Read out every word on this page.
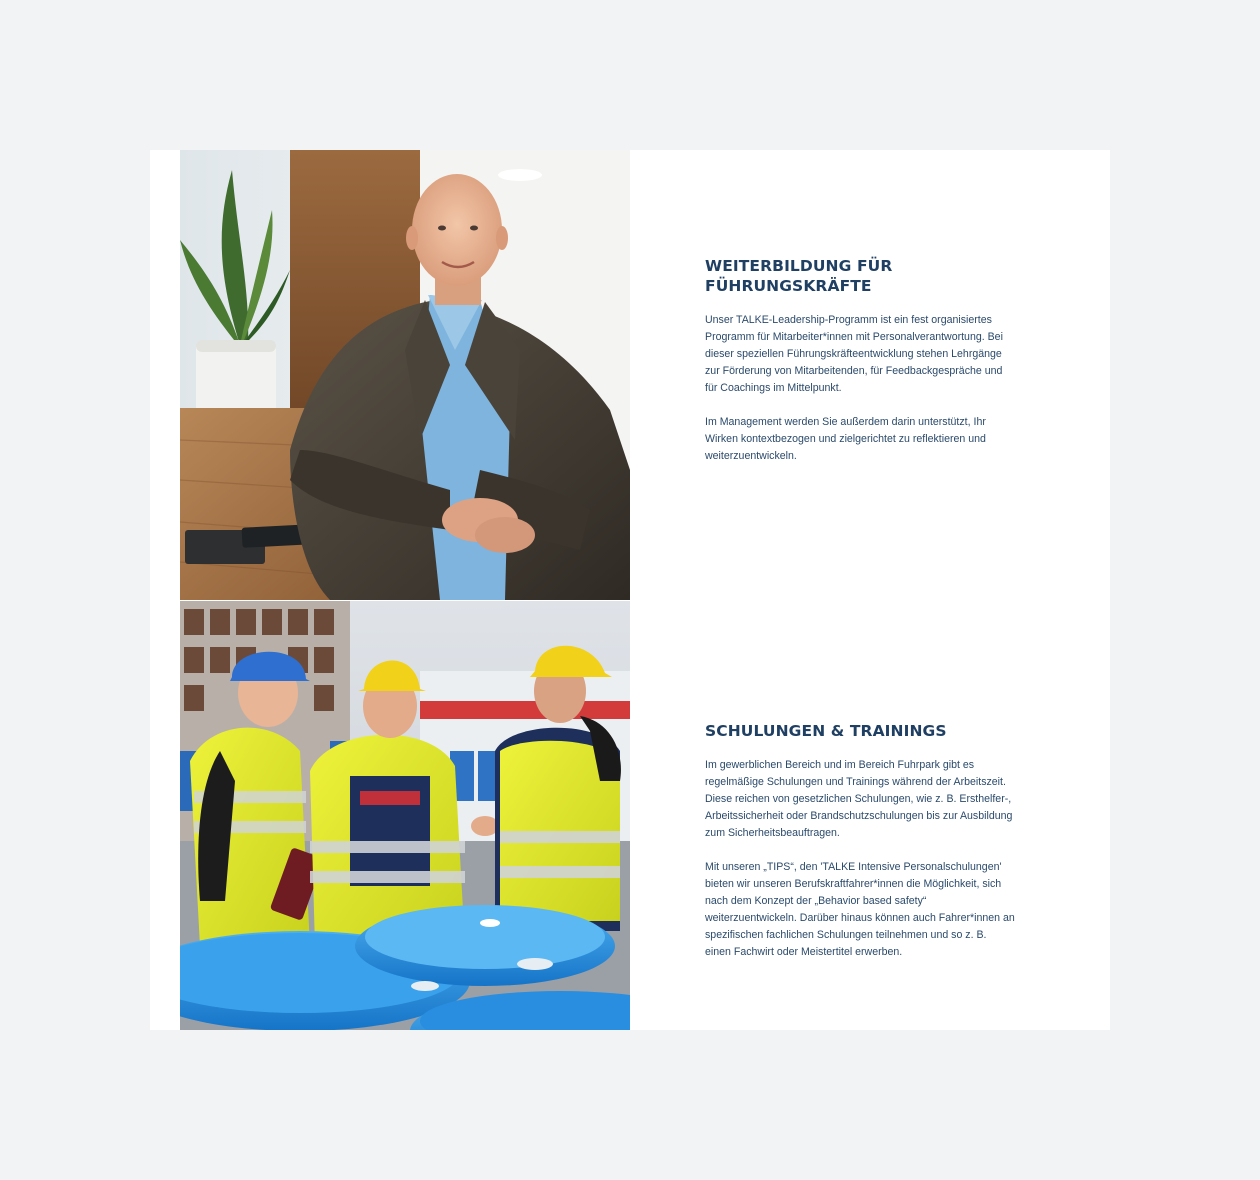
WEITERBILDUNG FÜR
FÜHRUNGSKRÄFTE

Unser TALKE-Leadership-Programm ist ein fest organisiertes Programm für Mitarbeiter*innen mit Personalverantwortung. Bei dieser speziellen Führungskräfteentwicklung stehen Lehrgänge zur Förderung von Mitarbeitenden, für Feedbackgespräche und für Coachings im Mittelpunkt.

Im Management werden Sie außerdem darin unterstützt, Ihr Wirken kontextbezogen und zielgerichtet zu reflektieren und weiterzuentwickeln.

SCHULUNGEN & TRAININGS

Im gewerblichen Bereich und im Bereich Fuhrpark gibt es regelmäßige Schulungen und Trainings während der Arbeitszeit. Diese reichen von gesetzlichen Schulungen, wie z. B. Ersthelfer-, Arbeitssicherheit oder Brandschutzschulungen bis zur Ausbildung zum Sicherheitsbeauftragen.

Mit unseren „TIPS“, den 'TALKE Intensive Personalschulungen' bieten wir unseren Berufskraftfahrer*innen die Möglichkeit, sich nach dem Konzept der „Behavior based safety“ weiterzuentwickeln. Darüber hinaus können auch Fahrer*innen an spezifischen fachlichen Schulungen teilnehmen und so z. B. einen Fachwirt oder Meistertitel erwerben.
